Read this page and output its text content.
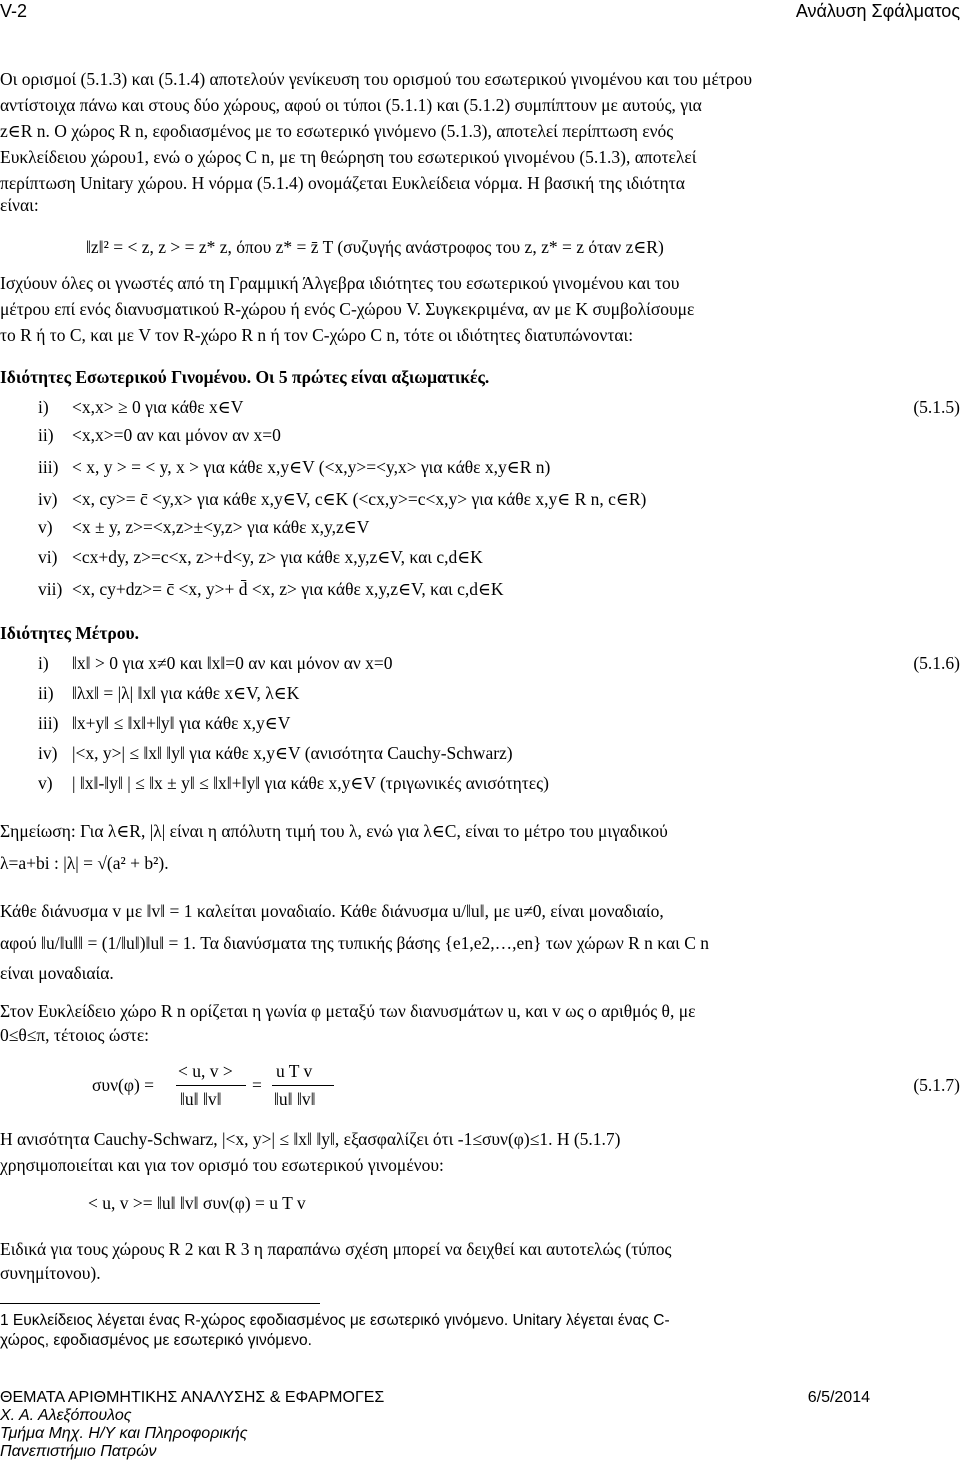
V-2	Ανάλυση Σφάλματος
Οι ορισμοί (5.1.3) και (5.1.4) αποτελούν γενίκευση του ορισμού του εσωτερικού γινομένου και του μέτρου
αντίστοιχα πάνω και στους δύο χώρους, αφού οι τύποι (5.1.1) και (5.1.2) συμπίπτουν με αυτούς, για
z∈R n. Ο χώρος R n, εφοδιασμένος με το εσωτερικό γινόμενο (5.1.3), αποτελεί περίπτωση ενός
Ευκλείδειου χώρου1, ενώ ο χώρος C n, με τη θεώρηση του εσωτερικού γινομένου (5.1.3), αποτελεί
περίπτωση Unitary χώρου. Η νόρμα (5.1.4) ονομάζεται Ευκλείδεια νόρμα. Η βασική της ιδιότητα
είναι:
‖z‖² = < z, z > = z* z, όπου z* = z̄ T (συζυγής ανάστροφος του z, z* = z όταν z∈R)
Ισχύουν όλες οι γνωστές από τη Γραμμική Άλγεβρα ιδιότητες του εσωτερικού γινομένου και του
μέτρου επί ενός διανυσματικού R-χώρου ή ενός C-χώρου V. Συγκεκριμένα, αν με K συμβολίσουμε
το R ή το C, και με V τον R-χώρο R n ή τον C-χώρο C n, τότε οι ιδιότητες διατυπώνονται:
Ιδιότητες Εσωτερικού Γινομένου. Οι 5 πρώτες είναι αξιωματικές.
i)	<x,x> ≥ 0 για κάθε x∈V	(5.1.5)
ii)	<x,x>=0 αν και μόνον αν x=0
iii) < x, y > = < y, x > για κάθε x,y∈V (<x,y>=<y,x> για κάθε x,y∈R n)
iv) <x, cy>= c̄ <y,x> για κάθε x,y∈V, c∈K (<cx,y>=c<x,y> για κάθε x,y∈ R n, c∈R)
v)	<x ± y, z>=<x,z>±<y,z> για κάθε x,y,z∈V
vi) <cx+dy, z>=c<x, z>+d<y, z> για κάθε x,y,z∈V, και c,d∈K
vii) <x, cy+dz>= c̄ <x, y>+ d̄ <x, z> για κάθε x,y,z∈V, και c,d∈K
Ιδιότητες Μέτρου.
i)	‖x‖ > 0 για x≠0 και ‖x‖=0 αν και μόνον αν x=0	(5.1.6)
ii)	‖λx‖ = |λ| ‖x‖ για κάθε x∈V, λ∈K
iii) ‖x+y‖ ≤ ‖x‖+‖y‖ για κάθε x,y∈V
iv) |<x, y>| ≤ ‖x‖ ‖y‖ για κάθε x,y∈V (ανισότητα Cauchy-Schwarz)
v)	| ‖x‖-‖y‖ | ≤ ‖x ± y‖ ≤ ‖x‖+‖y‖ για κάθε x,y∈V (τριγωνικές ανισότητες)
Σημείωση: Για λ∈R, |λ| είναι η απόλυτη τιμή του λ, ενώ για λ∈C, είναι το μέτρο του μιγαδικού
λ=a+bi : |λ| = √(a² + b²).
Κάθε διάνυσμα v με ‖v‖ = 1 καλείται μοναδιαίο. Κάθε διάνυσμα u/‖u‖, με u≠0, είναι μοναδιαίο,
αφού ‖u/‖u‖‖ = (1/‖u‖)‖u‖ = 1. Τα διανύσματα της τυπικής βάσης {e1,e2,…,en} των χώρων R n και C n
είναι μοναδιαία.
Στον Ευκλείδειο χώρο R n ορίζεται η γωνία φ μεταξύ των διανυσμάτων u, και v ως ο αριθμός θ, με
0≤θ≤π, τέτοιος ώστε:
συν(φ) =
< u, v >
‖u‖ ‖v‖
=
u T v
‖u‖ ‖v‖
(5.1.7)
Η ανισότητα Cauchy-Schwarz, |<x, y>| ≤ ‖x‖ ‖y‖, εξασφαλίζει ότι -1≤συν(φ)≤1. Η (5.1.7)
χρησιμοποιείται και για τον ορισμό του εσωτερικού γινομένου:
< u, v >= ‖u‖ ‖v‖ συν(φ) = u T v
Ειδικά για τους χώρους R 2 και R 3 η παραπάνω σχέση μπορεί να δειχθεί και αυτοτελώς (τύπος
συνημίτονου).
1 Ευκλείδειος λέγεται ένας R-χώρος εφοδιασμένος με εσωτερικό γινόμενο. Unitary λέγεται ένας C-
χώρος, εφοδιασμένος με εσωτερικό γινόμενο.
ΘΕΜΑΤΑ ΑΡΙΘΜΗΤΙΚΗΣ ΑΝΑΛΥΣΗΣ & ΕΦΑΡΜΟΓΕΣ	6/5/2014
Χ. Α. Αλεξόπουλος
Τμήμα Μηχ. Η/Υ και Πληροφορικής
Πανεπιστήμιο Πατρών
